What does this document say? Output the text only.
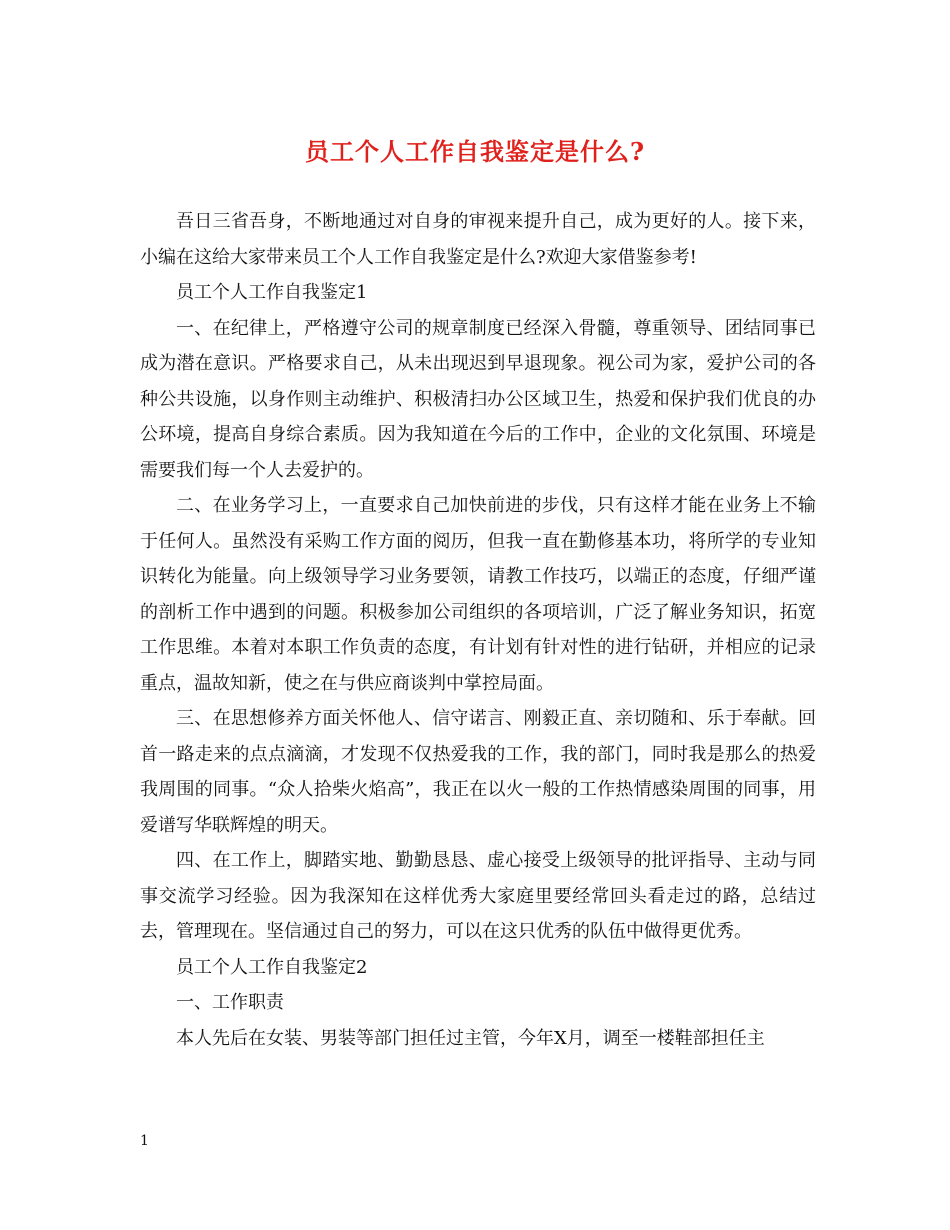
员工个人工作自我鉴定是什么?

吾日三省吾身，不断地通过对自身的审视来提升自己，成为更好的人。接下来，小编在这给大家带来员工个人工作自我鉴定是什么?欢迎大家借鉴参考!

员工个人工作自我鉴定1

一、在纪律上，严格遵守公司的规章制度已经深入骨髓，尊重领导、团结同事已成为潜在意识。严格要求自己，从未出现迟到早退现象。视公司为家，爱护公司的各种公共设施，以身作则主动维护、积极清扫办公区域卫生，热爱和保护我们优良的办公环境，提高自身综合素质。因为我知道在今后的工作中，企业的文化氛围、环境是需要我们每一个人去爱护的。

二、在业务学习上，一直要求自己加快前进的步伐，只有这样才能在业务上不输于任何人。虽然没有采购工作方面的阅历，但我一直在勤修基本功，将所学的专业知识转化为能量。向上级领导学习业务要领，请教工作技巧，以端正的态度，仔细严谨的剖析工作中遇到的问题。积极参加公司组织的各项培训，广泛了解业务知识，拓宽工作思维。本着对本职工作负责的态度，有计划有针对性的进行钻研，并相应的记录重点，温故知新，使之在与供应商谈判中掌控局面。

三、在思想修养方面关怀他人、信守诺言、刚毅正直、亲切随和、乐于奉献。回首一路走来的点点滴滴，才发现不仅热爱我的工作，我的部门，同时我是那么的热爱我周围的同事。“众人拾柴火焰高”，我正在以火一般的工作热情感染周围的同事，用爱谱写华联辉煌的明天。

四、在工作上，脚踏实地、勤勤恳恳、虚心接受上级领导的批评指导、主动与同事交流学习经验。因为我深知在这样优秀大家庭里要经常回头看走过的路，总结过去，管理现在。坚信通过自己的努力，可以在这只优秀的队伍中做得更优秀。

员工个人工作自我鉴定2

一、工作职责

本人先后在女装、男装等部门担任过主管，今年X月，调至一楼鞋部担任主

1
